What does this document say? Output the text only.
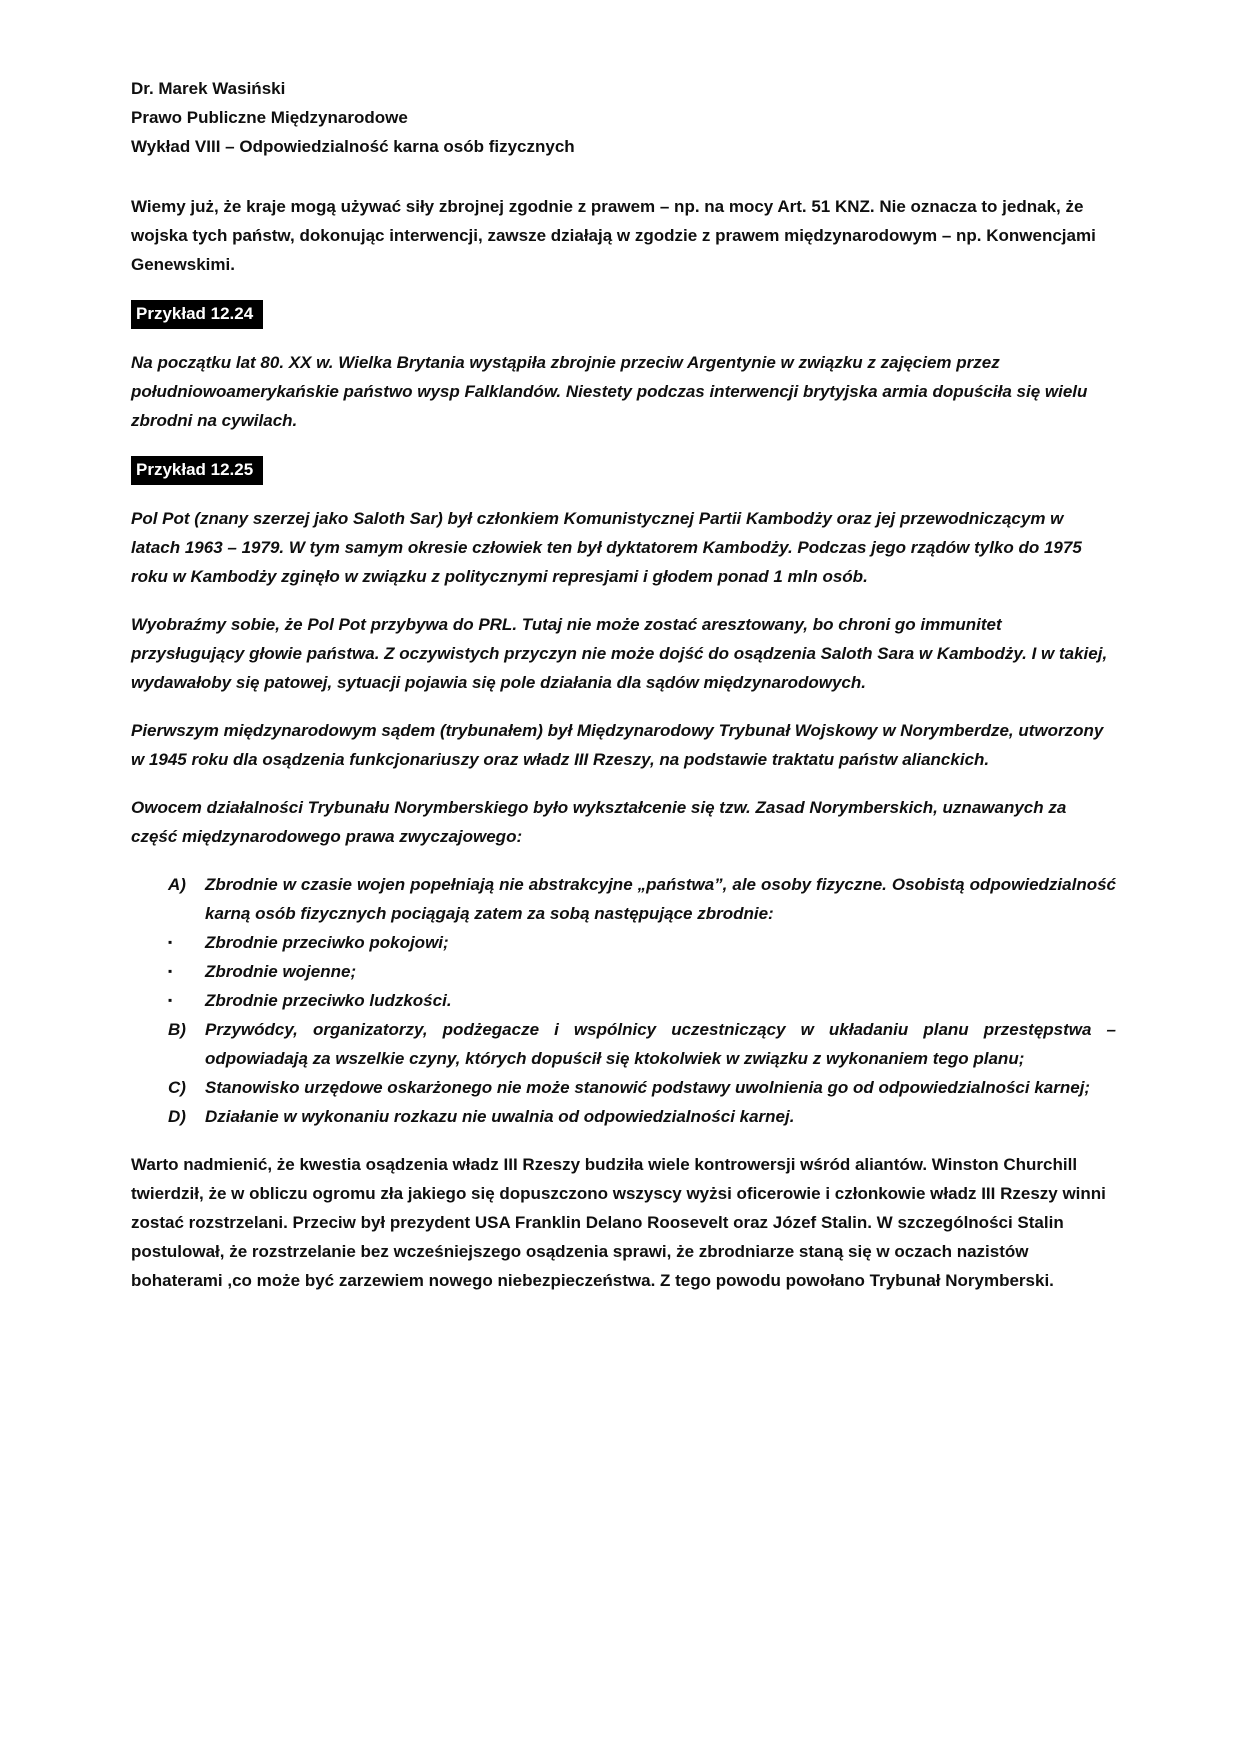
Dr. Marek Wasiński

Prawo Publiczne Międzynarodowe

Wykład VIII – Odpowiedzialność karna osób fizycznych

Wiemy już, że kraje mogą używać siły zbrojnej zgodnie z prawem – np. na mocy Art. 51 KNZ. Nie oznacza to jednak, że wojska tych państw, dokonując interwencji, zawsze działają w zgodzie z prawem międzynarodowym – np. Konwencjami Genewskimi.

Przykład 12.24

Na początku lat 80. XX w. Wielka Brytania wystąpiła zbrojnie przeciw Argentynie w związku z zajęciem przez południowoamerykańskie państwo wysp Falklandów. Niestety podczas interwencji brytyjska armia dopuściła się wielu zbrodni na cywilach.

Przykład 12.25

Pol Pot (znany szerzej jako Saloth Sar) był członkiem Komunistycznej Partii Kambodży oraz jej przewodniczącym w latach 1963 – 1979. W tym samym okresie człowiek ten był dyktatorem Kambodży. Podczas jego rządów tylko do 1975 roku w Kambodży zginęło w związku z politycznymi represjami i głodem ponad 1 mln osób.

Wyobraźmy sobie, że Pol Pot przybywa do PRL. Tutaj nie może zostać aresztowany, bo chroni go immunitet przysługujący głowie państwa. Z oczywistych przyczyn nie może dojść do osądzenia Saloth Sara w Kambodży. I w takiej, wydawałoby się patowej, sytuacji pojawia się pole działania dla sądów międzynarodowych.

Pierwszym międzynarodowym sądem (trybunałem) był Międzynarodowy Trybunał Wojskowy w Norymberdze, utworzony w 1945 roku dla osądzenia funkcjonariuszy oraz władz III Rzeszy, na podstawie traktatu państw alianckich.

Owocem działalności Trybunału Norymberskiego było wykształcenie się tzw. Zasad Norymberskich, uznawanych za część międzynarodowego prawa zwyczajowego:

A)	Zbrodnie w czasie wojen popełniają nie abstrakcyjne „państwa”, ale osoby fizyczne. Osobistą odpowiedzialność karną osób fizycznych pociągają zatem za sobą następujące zbrodnie:
▪	Zbrodnie przeciwko pokojowi;
▪	Zbrodnie wojenne;
▪	Zbrodnie przeciwko ludzkości.
B)	Przywódcy, organizatorzy, podżegacze i wspólnicy uczestniczący w układaniu planu przestępstwa – odpowiadają za wszelkie czyny, których dopuścił się ktokolwiek w związku z wykonaniem tego planu;
C)	Stanowisko urzędowe oskarżonego nie może stanowić podstawy uwolnienia go od odpowiedzialności karnej;
D)	Działanie w wykonaniu rozkazu nie uwalnia od odpowiedzialności karnej.

Warto nadmienić, że kwestia osądzenia władz III Rzeszy budziła wiele kontrowersji wśród aliantów. Winston Churchill twierdził, że w obliczu ogromu zła jakiego się dopuszczono wszyscy wyżsi oficerowie i członkowie władz III Rzeszy winni zostać rozstrzelani. Przeciw był prezydent USA Franklin Delano Roosevelt oraz Józef Stalin. W szczególności Stalin postulował, że rozstrzelanie bez wcześniejszego osądzenia sprawi, że zbrodniarze staną się w oczach nazistów bohaterami ,co może być zarzewiem nowego niebezpieczeństwa. Z tego powodu powołano Trybunał Norymberski.
